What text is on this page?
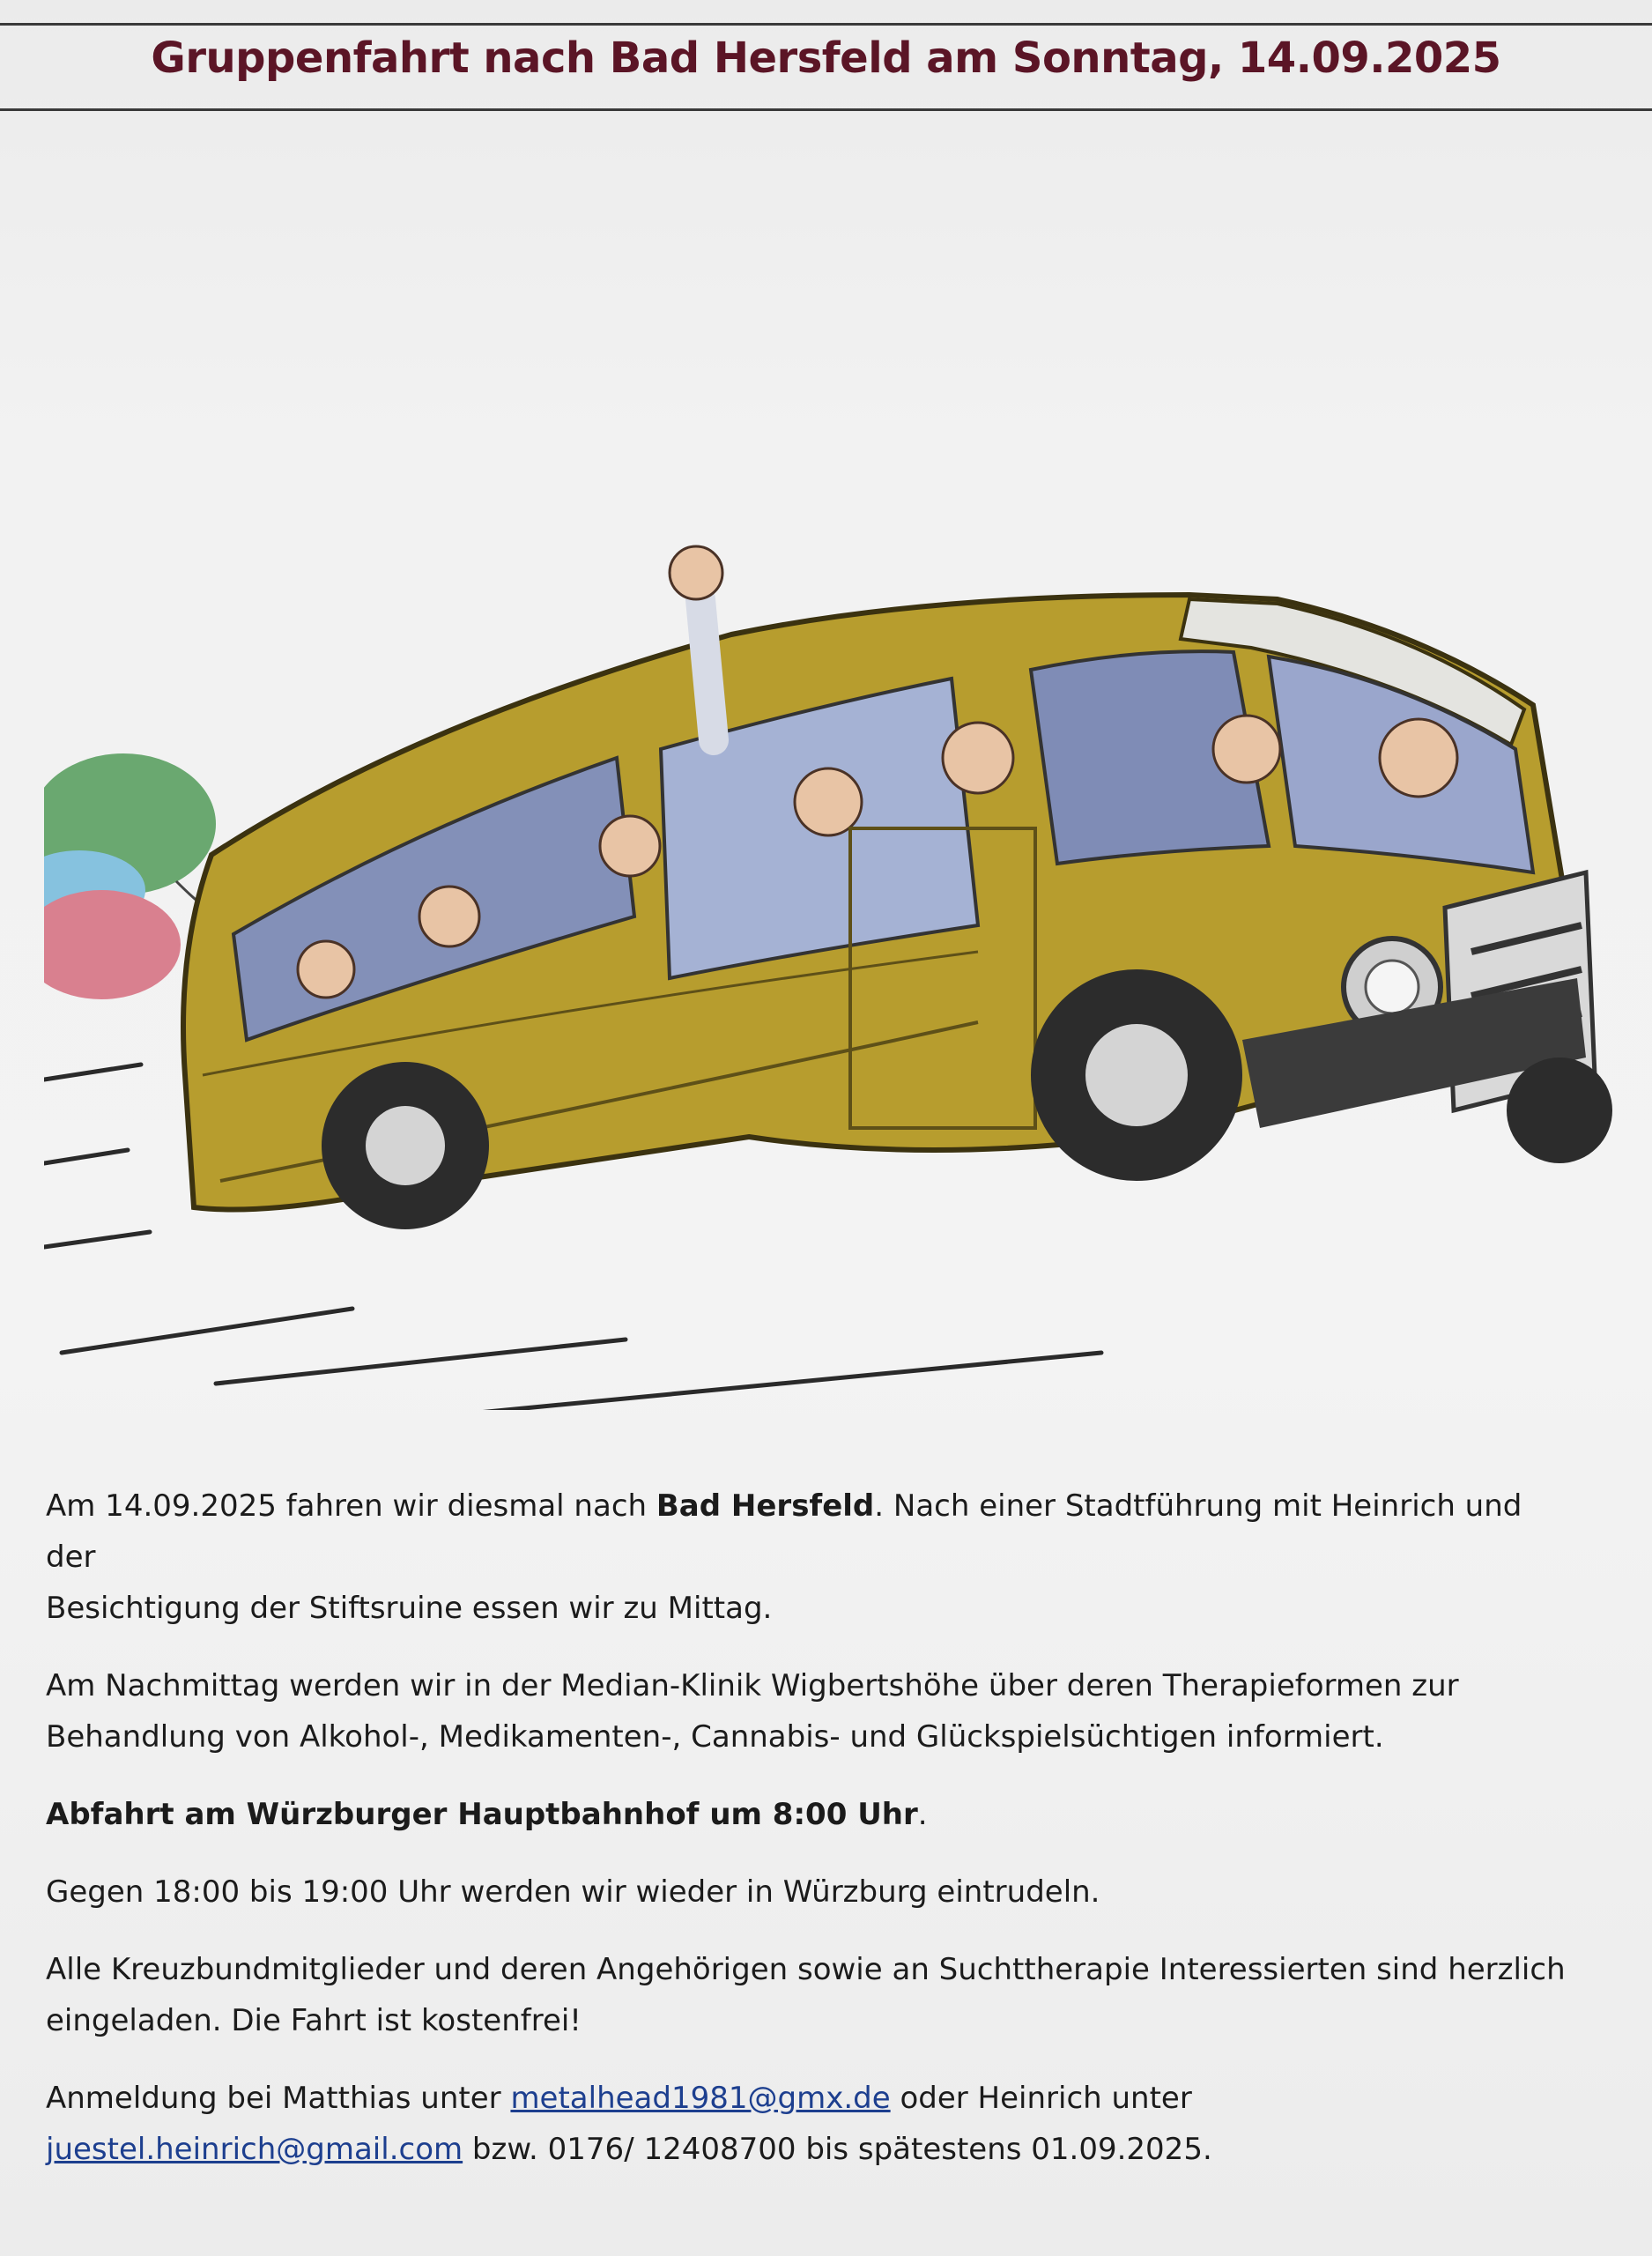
Gruppenfahrt nach Bad Hersfeld am Sonntag, 14.09.2025

Am 14.09.2025 fahren wir diesmal nach Bad Hersfeld. Nach einer Stadtführung mit Heinrich und der
Besichtigung der Stiftsruine essen wir zu Mittag.

Am Nachmittag werden wir in der Median-Klinik Wigbertshöhe über deren Therapieformen zur
Behandlung von Alkohol-, Medikamenten-, Cannabis- und Glückspielsüchtigen informiert.

Abfahrt am Würzburger Hauptbahnhof um 8:00 Uhr.

Gegen 18:00 bis 19:00 Uhr werden wir wieder in Würzburg eintrudeln.

Alle Kreuzbundmitglieder und deren Angehörigen sowie an Suchttherapie Interessierten sind herzlich
eingeladen. Die Fahrt ist kostenfrei!

Anmeldung bei Matthias unter metalhead1981@gmx.de oder Heinrich unter
juestel.heinrich@gmail.com bzw. 0176/ 12408700 bis spätestens 01.09.2025.
